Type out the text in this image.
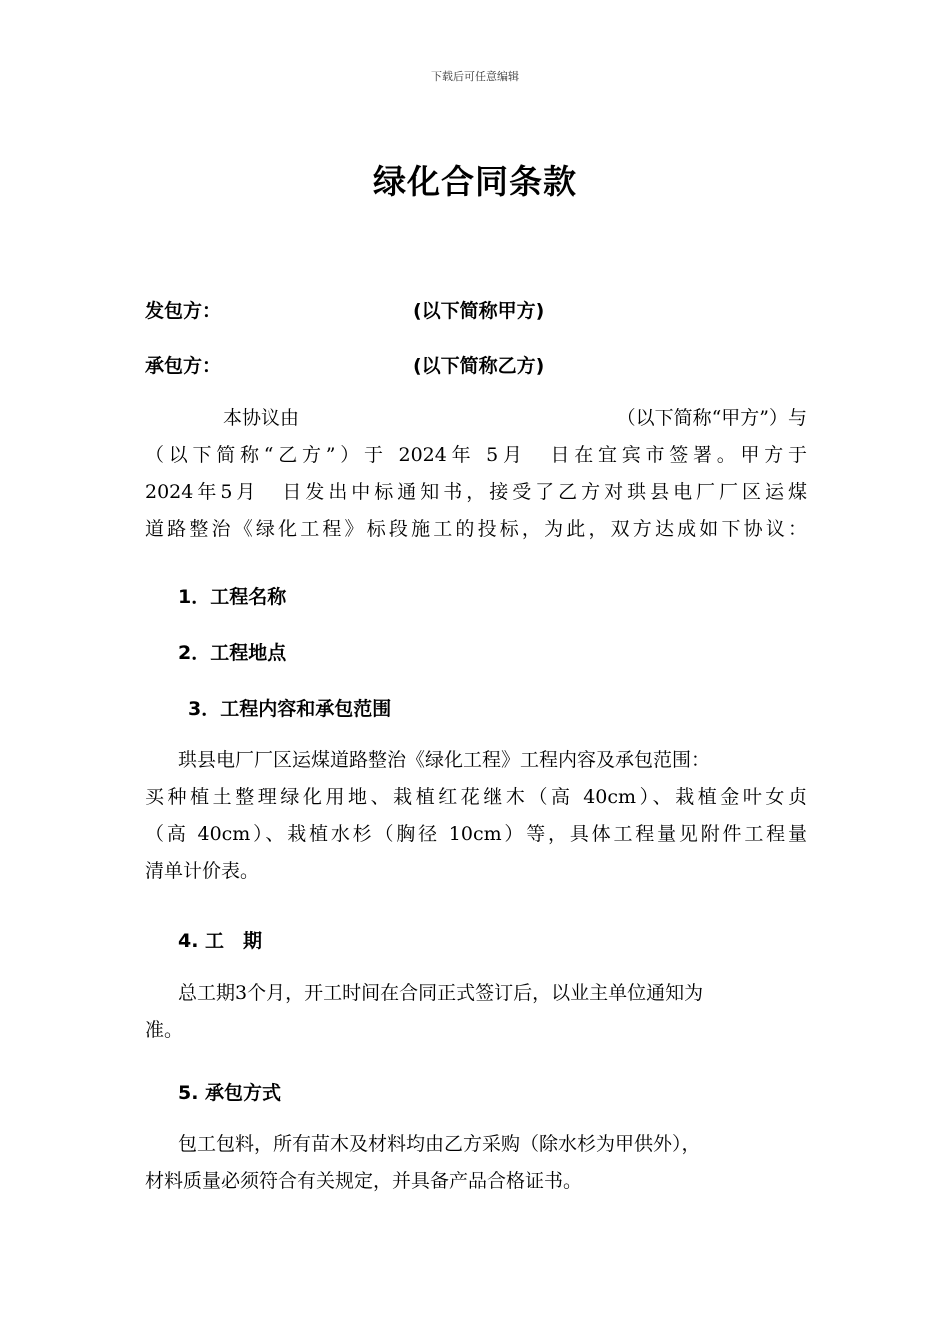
下载后可任意编辑
绿化合同条款
发包方：	(以下简称甲方)
承包方：	(以下简称乙方)
本协议由	（以下简称“甲方”）与
（以下简称“乙方”）于 2024年 5月　日在宜宾市签署。甲方于
2024年5月　日发出中标通知书，接受了乙方对珙县电厂厂区运煤
道路整治《绿化工程》标段施工的投标，为此，双方达成如下协议：
1．工程名称
2．工程地点
3．工程内容和承包范围
珙县电厂厂区运煤道路整治《绿化工程》工程内容及承包范围：
买种植土整理绿化用地、栽植红花继木（高 40cm）、栽植金叶女贞
（高 40cm）、栽植水杉（胸径 10cm）等，具体工程量见附件工程量
清单计价表。
4. 工　期
总工期3个月，开工时间在合同正式签订后，以业主单位通知为
准。
5. 承包方式
包工包料，所有苗木及材料均由乙方采购（除水杉为甲供外），
材料质量必须符合有关规定，并具备产品合格证书。
